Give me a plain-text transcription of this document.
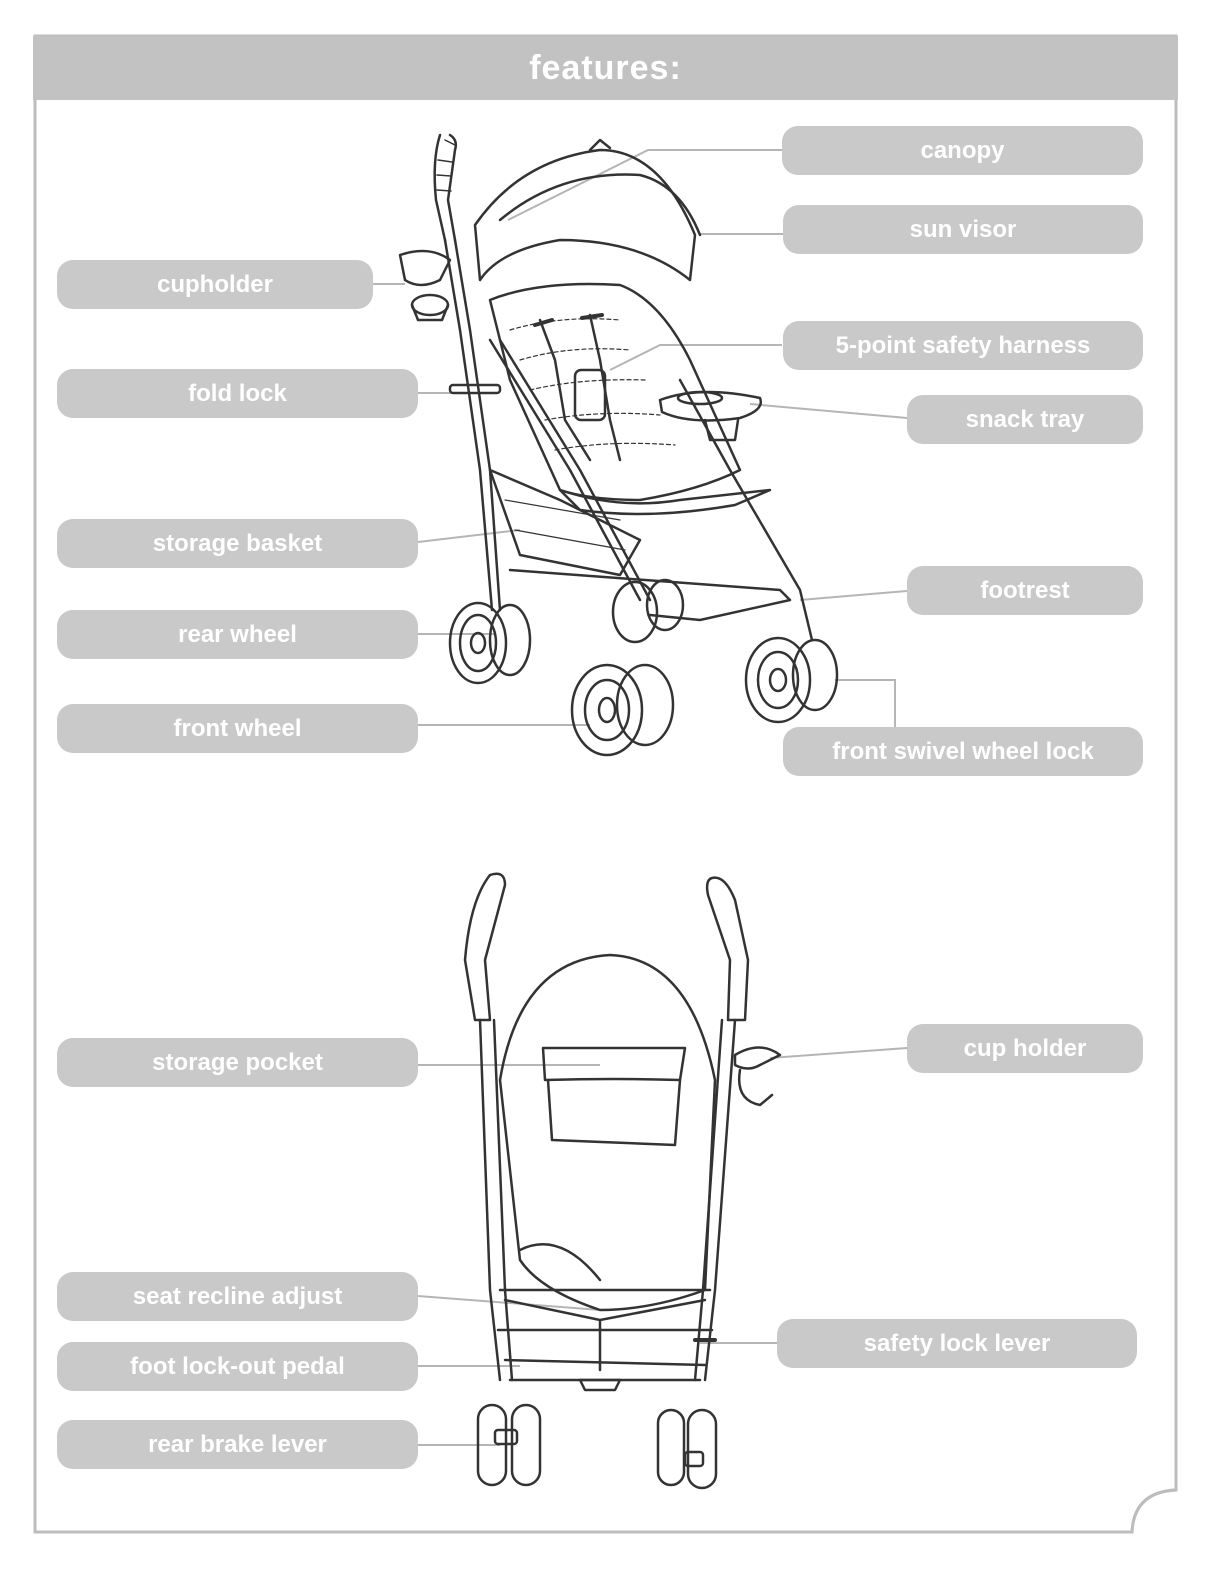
features:
canopy
sun visor
cupholder
5-point safety harness
fold lock
snack tray
storage basket
footrest
rear wheel
front wheel
front swivel wheel lock
storage pocket
cup holder
seat recline adjust
safety lock lever
foot lock-out pedal
rear brake lever
